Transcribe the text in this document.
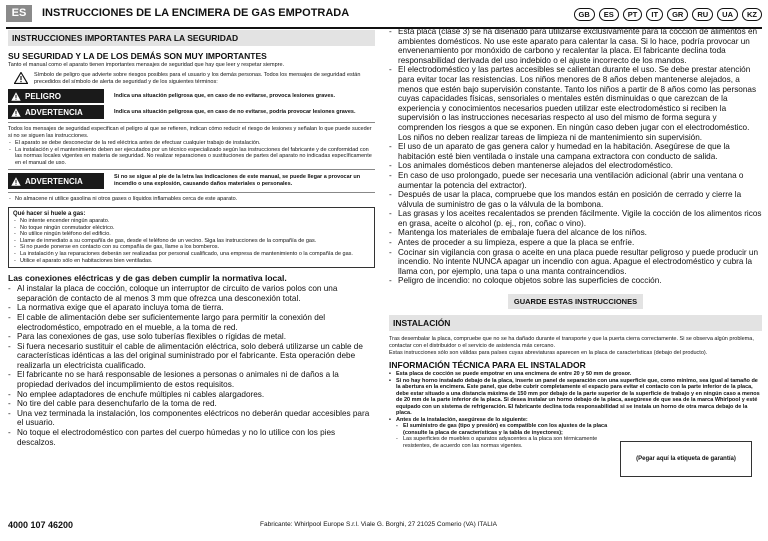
ES	INSTRUCCIONES DE LA ENCIMERA DE GAS EMPOTRADA	GB	ES	PT	IT	GR	RU	UA	KZ
INSTRUCCIONES IMPORTANTES PARA LA SEGURIDAD
SU SEGURIDAD Y LA DE LOS DEMÁS SON MUY IMPORTANTES

Tanto el manual como el aparato tienen importantes mensajes de seguridad que hay que leer y respetar siempre.

Símbolo de peligro que advierte sobre riesgos posibles para el usuario y los demás personas. Todos los mensajes de seguridad están precedidos del símbolo de alerta de seguridad y de los siguientes términos:
PELIGRO	Indica una situación peligrosa que, en caso de no evitarse, provoca lesiones graves.
ADVERTENCIA	Indica una situación peligrosa que, en caso de no evitarse, podría provocar lesiones graves.

Todos los mensajes de seguridad especifican el peligro al que se refieren, indican cómo reducir el riesgo de lesiones y señalan lo que puede suceder si no se siguen las instrucciones.

- El aparato se debe desconectar de la red eléctrica antes de efectuar cualquier trabajo de instalación.
- La instalación y el mantenimiento deben ser ejecutados por un técnico especializado según las instrucciones del fabricante y de conformidad con las normas locales vigentes en materia de seguridad. No realizar reparaciones o sustituciones de partes del aparato no indicadas específicamente en el manual de uso.
ADVERTENCIA	Si no se sigue al pie de la letra las indicaciones de este manual, se puede llegar a provocar un incendio o una explosión, causando daños materiales o personales.
- No almacene ni utilice gasolina ni otros gases o líquidos inflamables cerca de este aparato.
Qué hacer si huele a gas:
- No intente encender ningún aparato.
- No toque ningún conmutador eléctrico.
- No utilice ningún teléfono del edificio.
- Llame de inmediato a su compañía de gas, desde el teléfono de un vecino. Siga las instrucciones de la compañía de gas.
- Si no puede ponerse en contacto con su compañía de gas, llame a los bomberos.
- La instalación y las reparaciones deberán ser realizadas por personal cualificado, una empresa de mantenimiento o la compañía de gas.
- Utilice el aparato sólo en habitaciones bien ventiladas.
Las conexiones eléctricas y de gas deben cumplir la normativa local.
- Al instalar la placa de cocción, coloque un interruptor de circuito de varios polos con una separación de contacto de al menos 3 mm que ofrezca una desconexión total.
- La normativa exige que el aparato incluya toma de tierra.
- El cable de alimentación debe ser suficientemente largo para permitir la conexión del electrodoméstico, empotrado en el mueble, a la toma de red.
- Para las conexiones de gas, use solo tuberías flexibles o rígidas de metal.
- Si fuera necesario sustituir el cable de alimentación eléctrica, solo deberá utilizarse un cable de características idénticas a las del original suministrado por el fabricante. Esta operación debe realizarla un electricista cualificado.
- El fabricante no se hará responsable de lesiones a personas o animales ni de daños a la propiedad derivados del incumplimiento de estos requisitos.
- No emplee adaptadores de enchufe múltiples ni cables alargadores.
- No tire del cable para desenchufarlo de la toma de red.
- Una vez terminada la instalación, los componentes eléctricos no deberán quedar accesibles para el usuario.
- No toque el electrodoméstico con partes del cuerpo húmedas y no lo utilice con los pies descalzos.
- Esta placa (clase 3) se ha diseñado para utilizarse exclusivamente para la cocción de alimentos en ambientes domésticos. No use este aparato para calentar la casa. Si lo hace, podría provocar un envenenamiento por monóxido de carbono y recalentar la placa. El fabricante declina toda responsabilidad derivada del uso indebido o el ajuste incorrecto de los mandos.
- El electrodoméstico y las partes accesibles se calientan durante el uso. Se debe prestar atención para evitar tocar las resistencias. Los niños menores de 8 años deben mantenerse alejados, a menos que estén bajo supervisión constante. Tanto los niños a partir de 8 años como las personas cuyas capacidades físicas, sensoriales o mentales estén disminuidas o que carezcan de la experiencia y conocimientos necesarios pueden utilizar este electrodoméstico si reciben la supervisión o las instrucciones necesarias respecto al uso del mismo de forma segura y comprenden los riesgos a que se exponen. En ningún caso deben jugar con el electrodoméstico. Los niños no deben realizar tareas de limpieza ni de mantenimiento sin supervisión.
- El uso de un aparato de gas genera calor y humedad en la habitación. Asegúrese de que la habitación esté bien ventilada o instale una campana extractora con conducto de salida.
- Los animales domésticos deben mantenerse alejados del electrodoméstico.
- En caso de uso prolongado, puede ser necesaria una ventilación adicional (abrir una ventana o aumentar la potencia del extractor).
- Después de usar la placa, compruebe que los mandos están en posición de cerrado y cierre la válvula de suministro de gas o la válvula de la bombona.
- Las grasas y los aceites recalentados se prenden fácilmente. Vigile la cocción de los alimentos ricos en grasa, aceite o alcohol (p. ej., ron, coñac o vino).
- Mantenga los materiales de embalaje fuera del alcance de los niños.
- Antes de proceder a su limpieza, espere a que la placa se enfríe.
- Cocinar sin vigilancia con grasa o aceite en una placa puede resultar peligroso y puede producir un incendio. No intente NUNCA apagar un incendio con agua. Apague el electrodoméstico y cubra la llama con, por ejemplo, una tapa o una manta contraincendios.
- Peligro de incendio: no coloque objetos sobre las superficies de cocción.
GUARDE ESTAS INSTRUCCIONES
INSTALACIÓN

Tras desembalar la placa, compruebe que no se ha dañado durante el transporte y que la puerta cierra correctamente. Si se observa algún problema, contactar con el distribuidor o el servicio de asistencia más cercano.

Estas instrucciones sólo son válidas para países cuyas abreviaturas aparecen en la placa de características (debajo del producto).

INFORMACIÓN TÉCNICA PARA EL INSTALADOR
• Esta placa de cocción se puede empotrar en una encimera de entre 20 y 50 mm de grosor.
• Si no hay horno instalado debajo de la placa, inserte un panel de separación con una superficie que, como mínimo, sea igual al tamaño de la abertura en la encimera. Este panel, que debe cubrir completamente el espacio para evitar el contacto con la parte inferior de la placa, debe estar situado a una distancia máxima de 150 mm por debajo de la parte superior de la superficie de trabajo y en ningún caso a menos de 20 mm de la parte inferior de la placa. Si desea instalar un horno debajo de la placa, asegúrese de que sea de la marca Whirlpool y esté equipado con un sistema de refrigeración. El fabricante declina toda responsabilidad si se instala un horno de otra marca debajo de la placa.
• Antes de la instalación, asegúrese de lo siguiente:
- El suministro de gas (tipo y presión) es compatible con los ajustes de la placa (consulte la placa de características y la tabla de inyectores);
- Las superficies de muebles o aparatos adyacentes a la placa son térmicamente resistentes, de acuerdo con las normas vigentes.
(Pegar aquí la etiqueta de garantía)
4000 107 46200	Fabricante: Whirlpool Europe S.r.l. Viale G. Borghi, 27 21025 Comerio (VA) ITALIA
